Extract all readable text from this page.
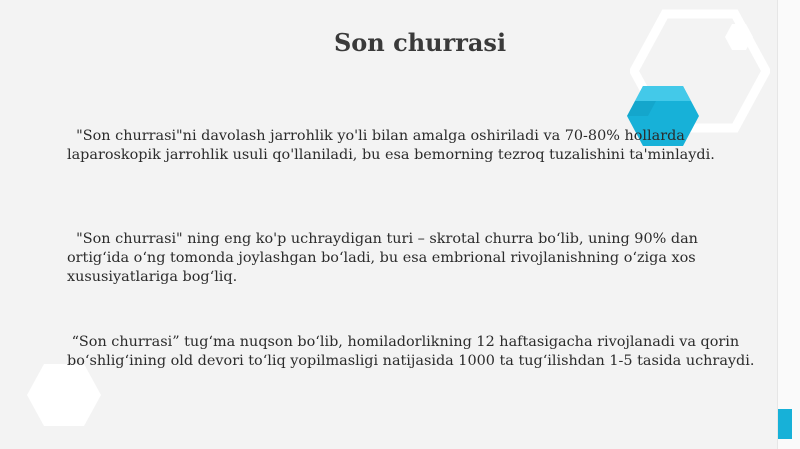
Son churrasi

"Son churrasi"ni davolash jarrohlik yo'li bilan amalga oshiriladi va 70-80% hollarda laparoskopik jarrohlik usuli qo'llaniladi, bu esa bemorning tezroq tuzalishini ta'minlaydi.

"Son churrasi" ning eng ko'p uchraydigan turi – skrotal churra bo‘lib, uning 90% dan ortig‘ida o‘ng tomonda joylashgan bo‘ladi, bu esa embrional rivojlanishning o‘ziga xos xususiyatlariga bog‘liq.

“Son churrasi” tug‘ma nuqson bo‘lib, homiladorlikning 12 haftasigacha rivojlanadi va qorin bo‘shlig‘ining old devori to‘liq yopilmasligi natijasida 1000 ta tug‘ilishdan 1-5 tasida uchraydi.
